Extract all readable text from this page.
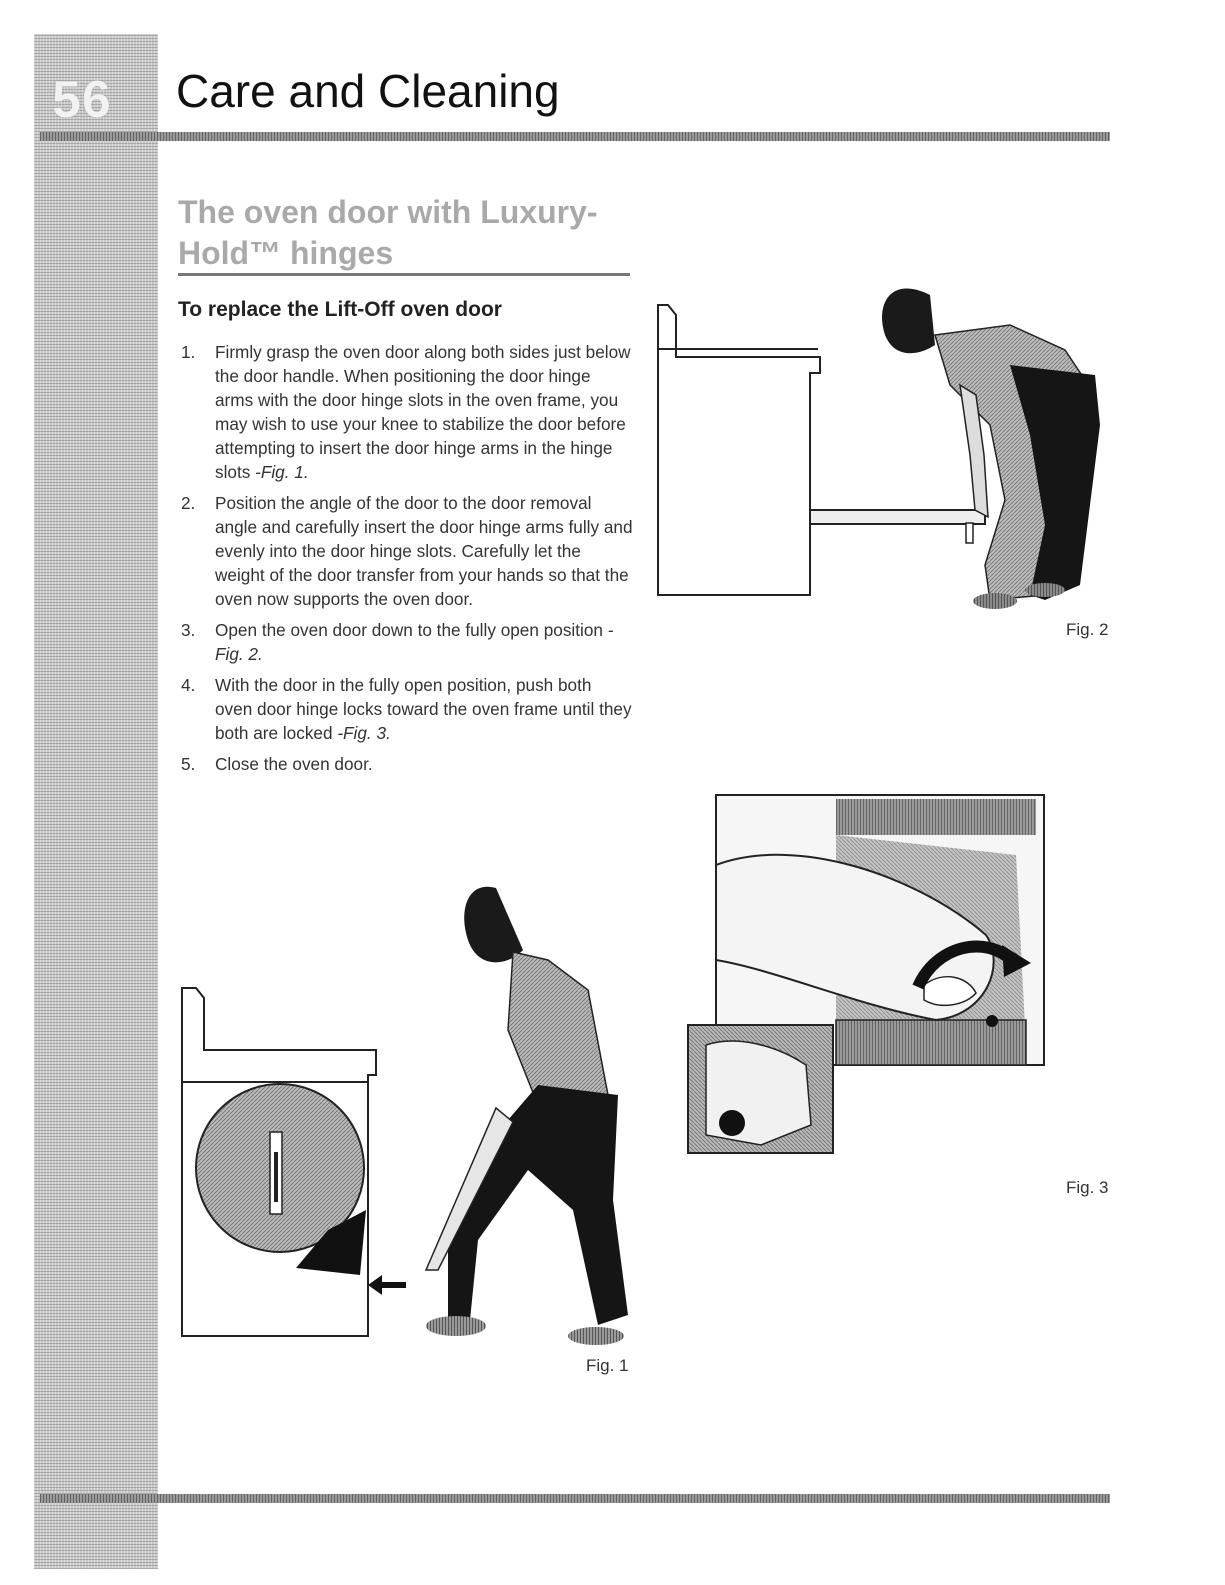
56	Care and Cleaning
The oven door with Luxury-
Hold™ hinges
To replace the Lift-Off oven door
1. Firmly grasp the oven door along both sides just below the door handle. When positioning the door hinge arms with the door hinge slots in the oven frame, you may wish to use your knee to stabilize the door before attempting to insert the door hinge arms in the hinge slots -Fig. 1.
2. Position the angle of the door to the door removal angle and carefully insert the door hinge arms fully and evenly into the door hinge slots. Carefully let the weight of the door transfer from your hands so that the oven now supports the oven door.
3. Open the oven door down to the fully open position -Fig. 2.
4. With the door in the fully open position, push both oven door hinge locks toward the oven frame until they both are locked -Fig. 3.
5. Close the oven door.
Fig. 2
Fig. 3
Fig. 1
